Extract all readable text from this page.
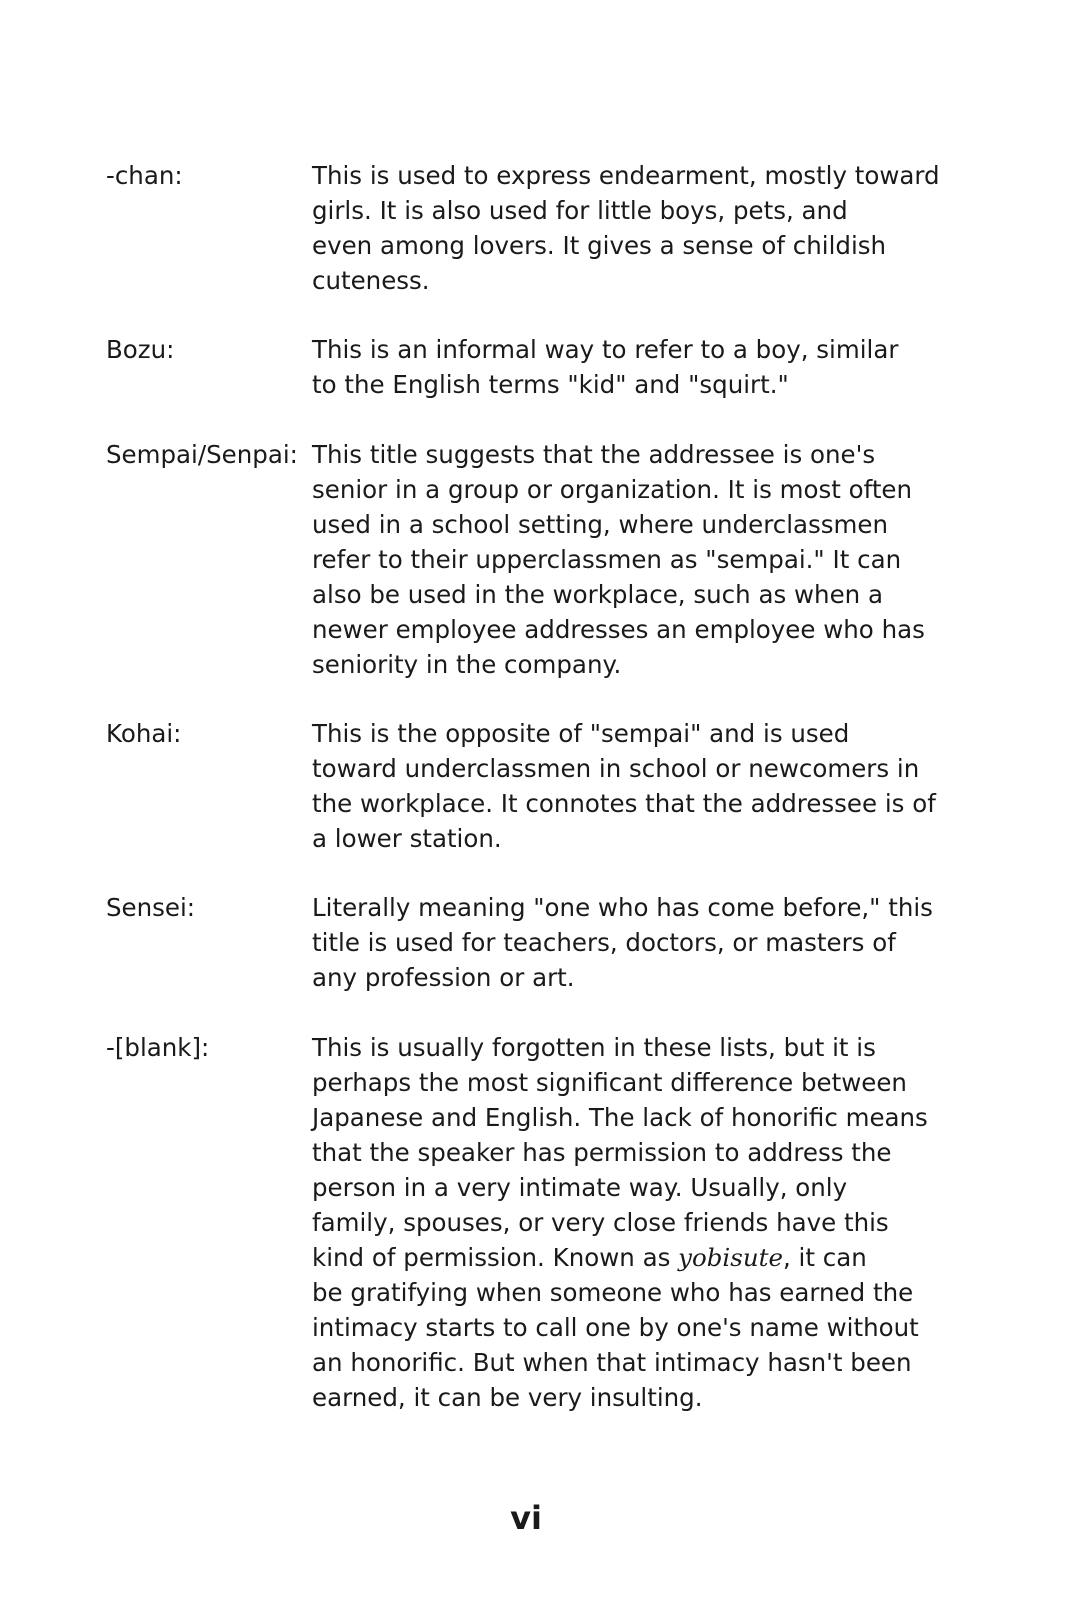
-chan:	This is used to express endearment, mostly toward
girls. It is also used for little boys, pets, and
even among lovers. It gives a sense of childish
cuteness.
Bozu:	This is an informal way to refer to a boy, similar
to the English terms "kid" and "squirt."
Sempai/Senpai: This title suggests that the addressee is one's
senior in a group or organization. It is most often
used in a school setting, where underclassmen
refer to their upperclassmen as "sempai." It can
also be used in the workplace, such as when a
newer employee addresses an employee who has
seniority in the company.
Kohai:	This is the opposite of "sempai" and is used
toward underclassmen in school or newcomers in
the workplace. It connotes that the addressee is of
a lower station.
Sensei:	Literally meaning "one who has come before," this
title is used for teachers, doctors, or masters of
any profession or art.
-[blank]:	This is usually forgotten in these lists, but it is
perhaps the most significant difference between
Japanese and English. The lack of honorific means
that the speaker has permission to address the
person in a very intimate way. Usually, only
family, spouses, or very close friends have this
kind of permission. Known as yobisute, it can
be gratifying when someone who has earned the
intimacy starts to call one by one's name without
an honorific. But when that intimacy hasn't been
earned, it can be very insulting.
vi
